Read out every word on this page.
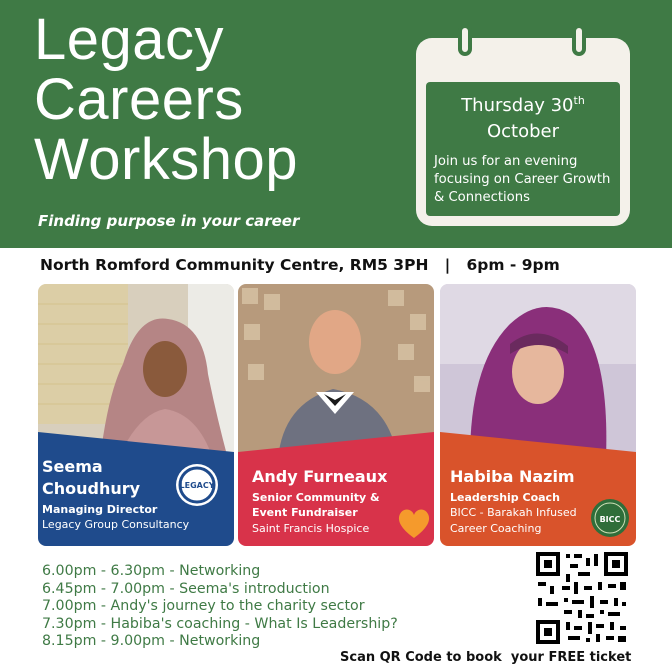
Legacy
Careers
Workshop
Finding purpose in your career
Thursday 30th
October
Join us for an evening focusing on Career Growth & Connections
North Romford Community Centre, RM5 3PH   |   6pm - 9pm
Seema
Choudhury
Managing Director
Legacy Group Consultancy
LEGACY Andy Furneaux
Senior Community &
Event Fundraiser
Saint Francis Hospice
Habiba Nazim
Leadership Coach
BICC - Barakah Infused
Career Coaching
BICC
6.00pm - 6.30pm - Networking
6.45pm - 7.00pm - Seema's introduction
7.00pm - Andy's journey to the charity sector
7.30pm - Habiba's coaching - What Is Leadership?
8.15pm - 9.00pm - Networking
Scan QR Code to book  your FREE ticket
